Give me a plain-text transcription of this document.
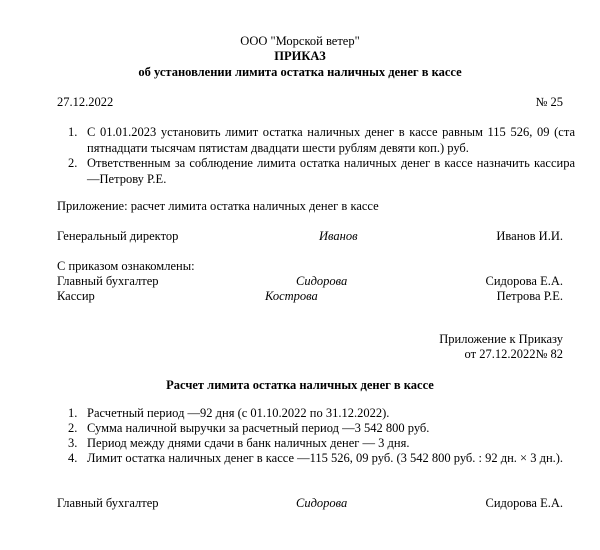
ООО "Морской ветер"
ПРИКАЗ
об установлении лимита остатка наличных денег в кассе
27.12.2022	№ 25
1. С 01.01.2023 установить лимит остатка наличных денег в кассе равным 115 526, 09 (ста пятнадцати тысячам пятистам двадцати шести рублям девяти коп.) руб.
2. Ответственным за соблюдение лимита остатка наличных денег в кассе назначить кассира —Петрову Р.Е.
Приложение: расчет лимита остатка наличных денег в кассе
Генеральный директор	Иванов	Иванов И.И.
С приказом ознакомлены:
Главный бухгалтер	Сидорова	Сидорова Е.А.
Кассир	Кострова	Петрова Р.Е.
Приложение к Приказу
от 27.12.2022№ 82
Расчет лимита остатка наличных денег в кассе
1. Расчетный период —92 дня (с 01.10.2022 по 31.12.2022).
2. Сумма наличной выручки за расчетный период —3 542 800 руб.
3. Период между днями сдачи в банк наличных денег — 3 дня.
4. Лимит остатка наличных денег в кассе —115 526, 09 руб. (3 542 800 руб. : 92 дн. × 3 дн.).
Главный бухгалтер	Сидорова	Сидорова Е.А.
